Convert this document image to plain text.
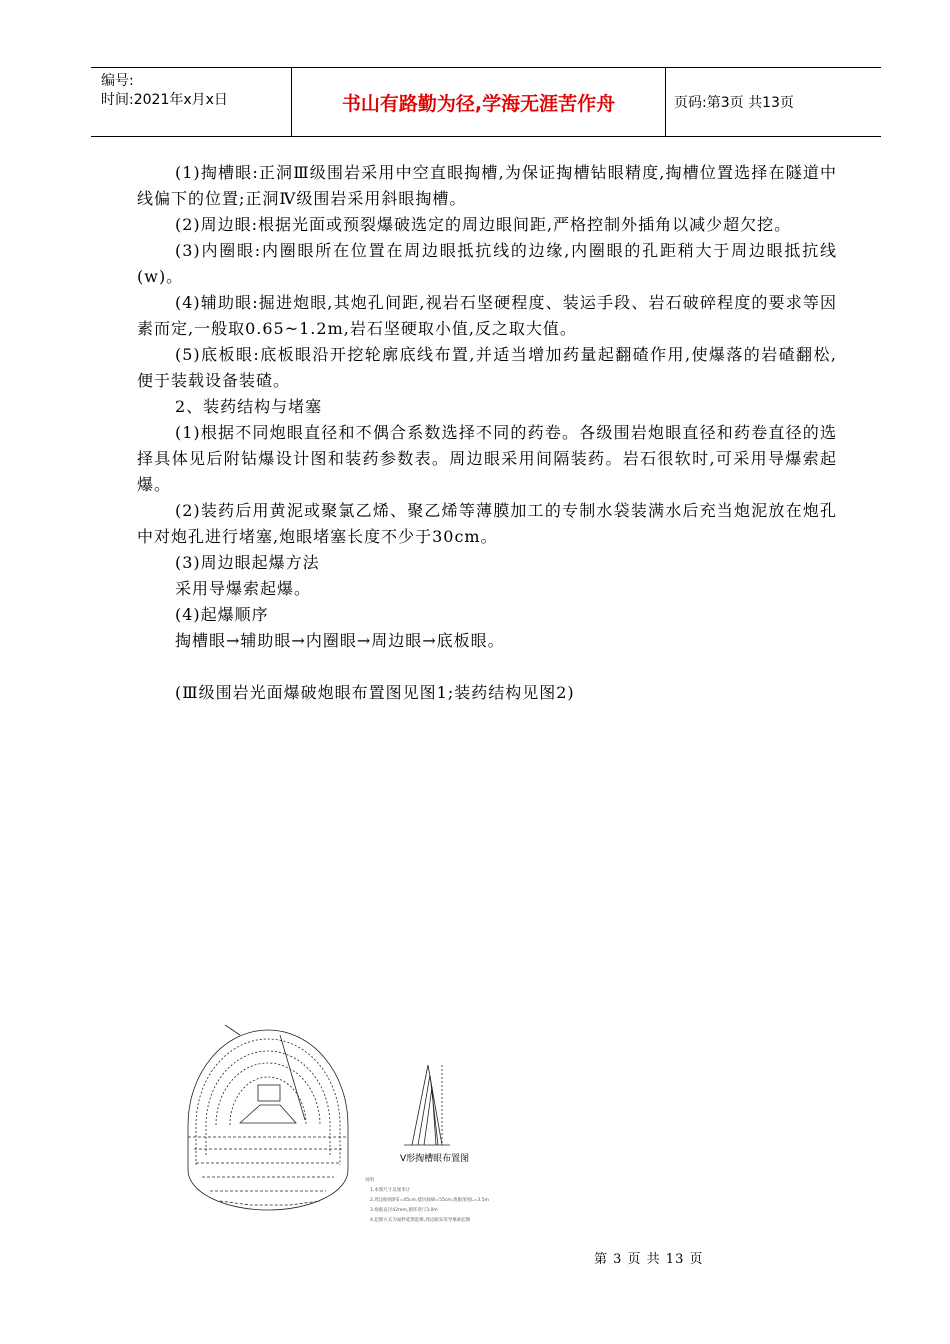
编号:
时间:2021年x月x日	书山有路勤为径,学海无涯苦作舟	页码:第3页 共13页

(1)掏槽眼:正洞Ⅲ级围岩采用中空直眼掏槽,为保证掏槽钻眼精度,掏槽位置选择在隧道中线偏下的位置;正洞Ⅳ级围岩采用斜眼掏槽。

(2)周边眼:根据光面或预裂爆破选定的周边眼间距,严格控制外插角以减少超欠挖。

(3)内圈眼:内圈眼所在位置在周边眼抵抗线的边缘,内圈眼的孔距稍大于周边眼抵抗线(w)。

(4)辅助眼:掘进炮眼,其炮孔间距,视岩石坚硬程度、装运手段、岩石破碎程度的要求等因素而定,一般取0.65~1.2m,岩石坚硬取小值,反之取大值。

(5)底板眼:底板眼沿开挖轮廓底线布置,并适当增加药量起翻碴作用,使爆落的岩碴翻松,便于装载设备装碴。

2、装药结构与堵塞

(1)根据不同炮眼直径和不偶合系数选择不同的药卷。各级围岩炮眼直径和药卷直径的选择具体见后附钻爆设计图和装药参数表。周边眼采用间隔装药。岩石很软时,可采用导爆索起爆。

(2)装药后用黄泥或聚氯乙烯、聚乙烯等薄膜加工的专制水袋装满水后充当炮泥放在炮孔中对炮孔进行堵塞,炮眼堵塞长度不少于30cm。

(3)周边眼起爆方法

采用导爆索起爆。

(4)起爆顺序

掏槽眼→辅助眼→内圈眼→周边眼→底板眼。

(Ⅲ级围岩光面爆破炮眼布置图见图1;装药结构见图2)

V形掏槽眼布置图
说明
1.本图尺寸以厘米计
2.周边眼间距E=45cm,抵抗线W=55cm,炮眼深度L=3.5m
3.炮眼直径42mm,循环进尺3.0m
4.起爆方式为毫秒延期起爆,周边眼采用导爆索起爆
第 3 页 共 13 页
